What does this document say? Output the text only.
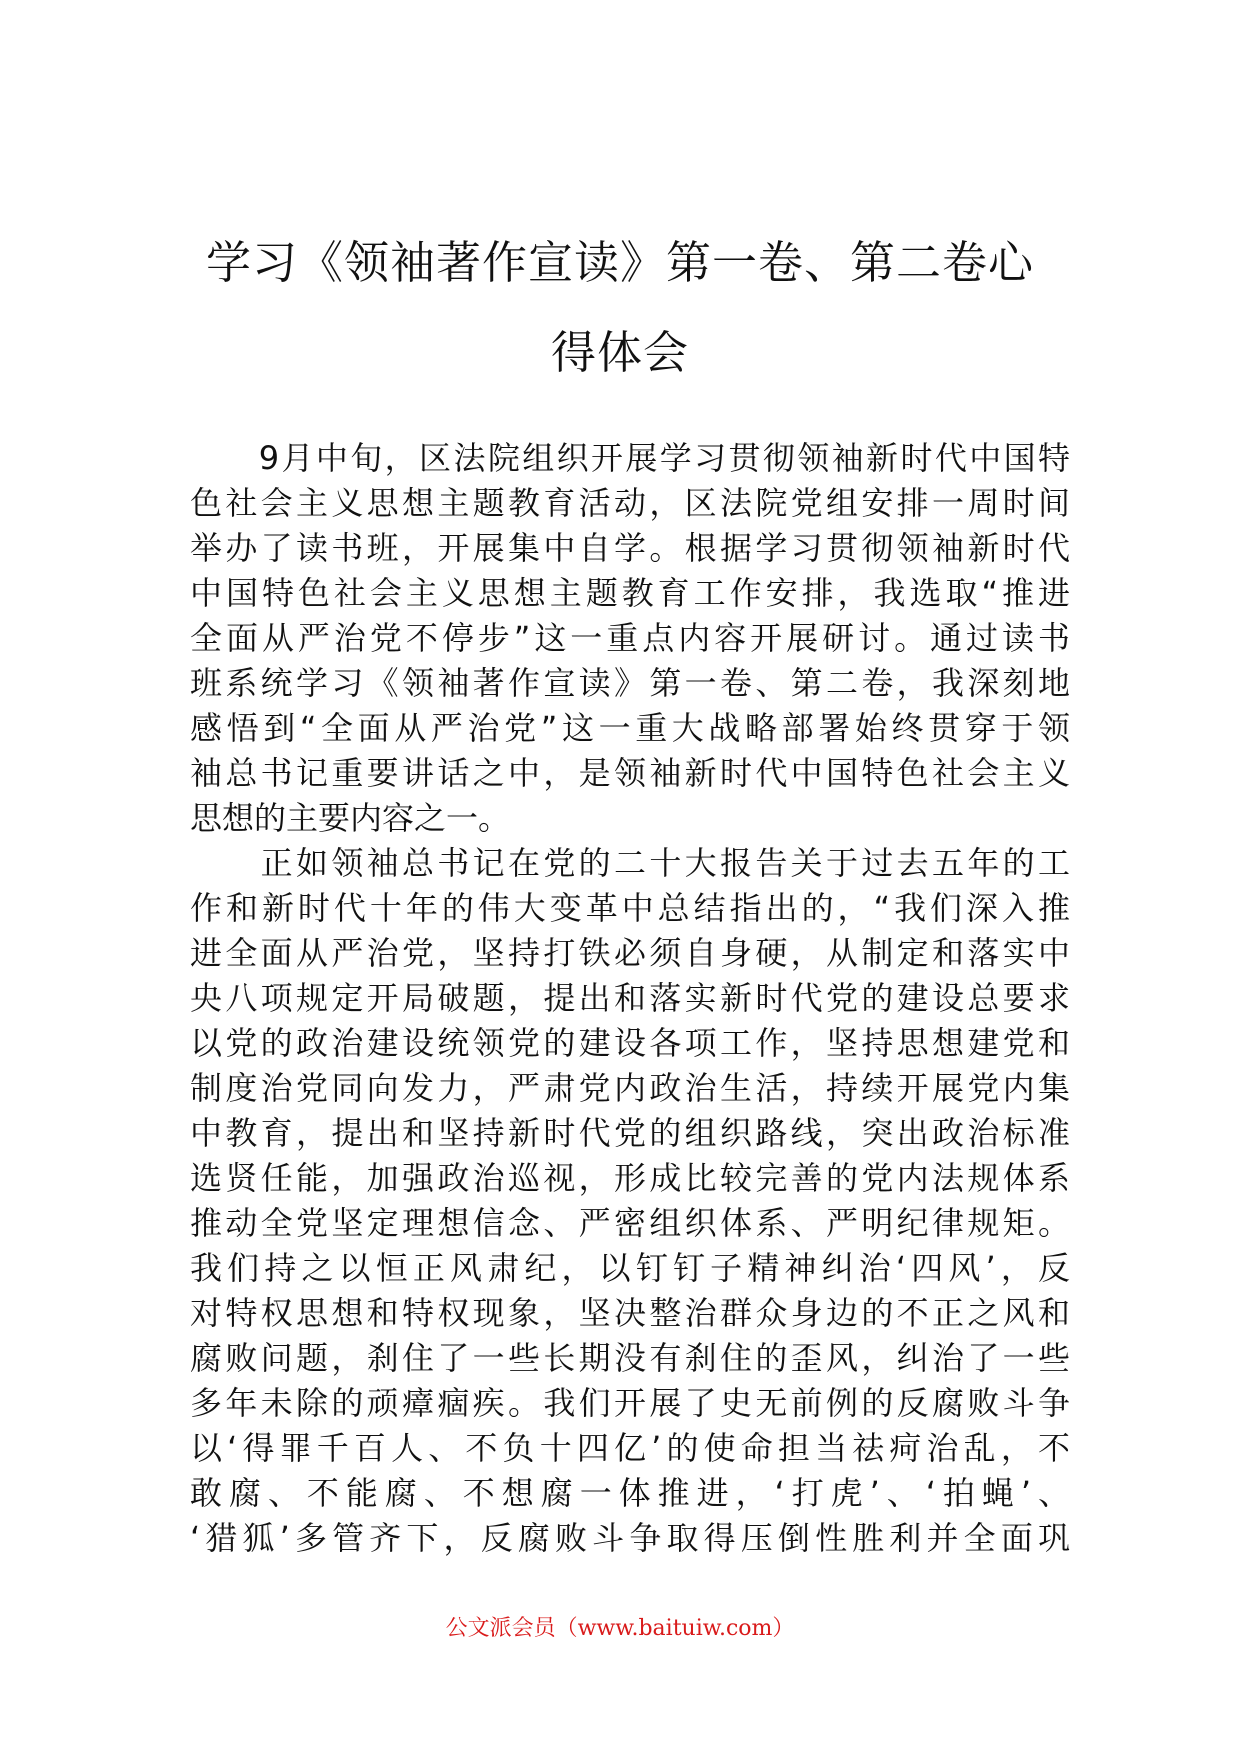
学习《领袖著作宣读》第一卷、第二卷心
得体会
　　9月中旬，区法院组织开展学习贯彻领袖新时代中国特
色社会主义思想主题教育活动，区法院党组安排一周时间
举办了读书班，开展集中自学。根据学习贯彻领袖新时代
中国特色社会主义思想主题教育工作安排，我选取“推进
全面从严治党不停步”这一重点内容开展研讨。通过读书
班系统学习《领袖著作宣读》第一卷、第二卷，我深刻地
感悟到“全面从严治党”这一重大战略部署始终贯穿于领
袖总书记重要讲话之中，是领袖新时代中国特色社会主义
思想的主要内容之一。
　　正如领袖总书记在党的二十大报告关于过去五年的工
作和新时代十年的伟大变革中总结指出的，“我们深入推
进全面从严治党，坚持打铁必须自身硬，从制定和落实中
央八项规定开局破题，提出和落实新时代党的建设总要求
以党的政治建设统领党的建设各项工作，坚持思想建党和
制度治党同向发力，严肃党内政治生活，持续开展党内集
中教育，提出和坚持新时代党的组织路线，突出政治标准
选贤任能，加强政治巡视，形成比较完善的党内法规体系
推动全党坚定理想信念、严密组织体系、严明纪律规矩。
我们持之以恒正风肃纪，以钉钉子精神纠治‘四风’，反
对特权思想和特权现象，坚决整治群众身边的不正之风和
腐败问题，刹住了一些长期没有刹住的歪风，纠治了一些
多年未除的顽瘴痼疾。我们开展了史无前例的反腐败斗争
以‘得罪千百人、不负十四亿’的使命担当祛疴治乱，不
敢腐、不能腐、不想腐一体推进，‘打虎’、‘拍蝇’、
‘猎狐’多管齐下，反腐败斗争取得压倒性胜利并全面巩
公文派会员（www.baituiw.com）
